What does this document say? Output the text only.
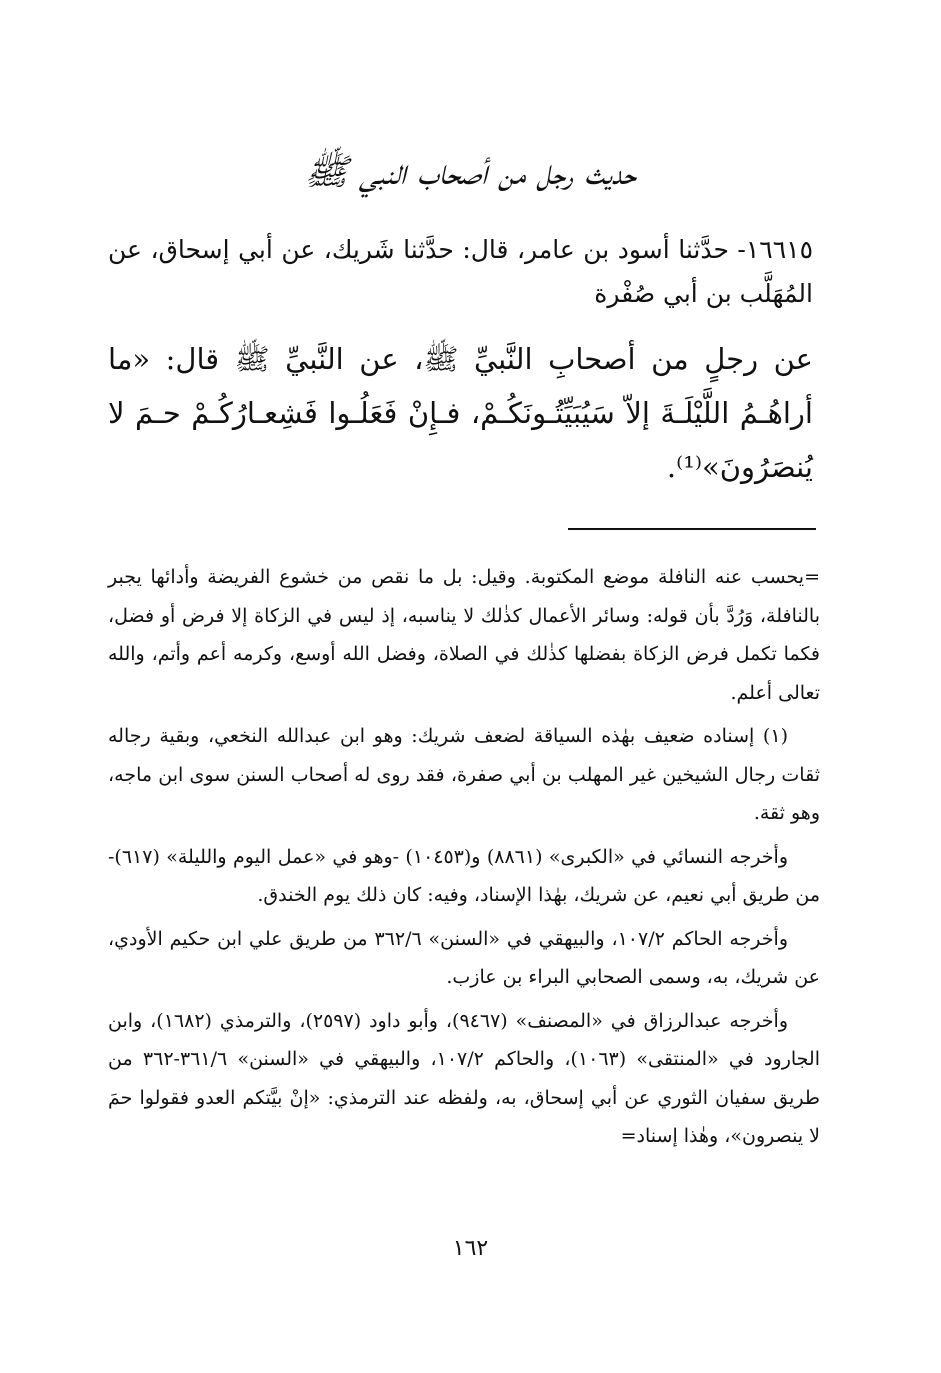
حديث رجل من أصحاب النبي ﷺ
١٦٦١٥- حدَّثنا أسود بن عامر، قال: حدَّثنا شَريك، عن أبي إسحاق، عن المُهَلَّب بن أبي صُفْرة
عن رجلٍ من أصحابِ النَّبيِّ ﷺ، عن النَّبيِّ ﷺ قال: «ما أراهُـمُ اللَّيْلَـةَ إلاّ سَيُبَيِّتُـونَكُـمْ، فـإِنْ فَعَلُـوا فَشِعـارُكُـمْ حـمَ لا يُنصَرُونَ»⁽¹⁾.

=يحسب عنه النافلة موضع المكتوبة. وقيل: بل ما نقص من خشوع الفريضة وأدائها يجبر بالنافلة، وَرُدَّ بأن قوله: وسائر الأعمال كذٰلك لا يناسبه، إذ ليس في الزكاة إلا فرض أو فضل، فكما تكمل فرض الزكاة بفضلها كذٰلك في الصلاة، وفضل الله أوسع، وكرمه أعم وأتم، والله تعالى أعلم.

(١) إسناده ضعيف بهٰذه السياقة لضعف شريك: وهو ابن عبدالله النخعي، وبقية رجاله ثقات رجال الشيخين غير المهلب بن أبي صفرة، فقد روى له أصحاب السنن سوى ابن ماجه، وهو ثقة.

وأخرجه النسائي في «الكبرى» (٨٨٦١) و(١٠٤٥٣) -وهو في «عمل اليوم والليلة» (٦١٧)- من طريق أبي نعيم، عن شريك، بهٰذا الإسناد، وفيه: كان ذلك يوم الخندق.

وأخرجه الحاكم ١٠٧/٢، والبيهقي في «السنن» ٣٦٢/٦ من طريق علي ابن حكيم الأودي، عن شريك، به، وسمى الصحابي البراء بن عازب.

وأخرجه عبدالرزاق في «المصنف» (٩٤٦٧)، وأبو داود (٢٥٩٧)، والترمذي (١٦٨٢)، وابن الجارود في «المنتقى» (١٠٦٣)، والحاكم ١٠٧/٢، والبيهقي في «السنن» ٣٦١/٦-٣٦٢ من طريق سفيان الثوري عن أبي إسحاق، به، ولفظه عند الترمذي: «إنْ بيَّتكم العدو فقولوا حمَ لا ينصرون»، وهٰذا إسناد=

١٦٢
